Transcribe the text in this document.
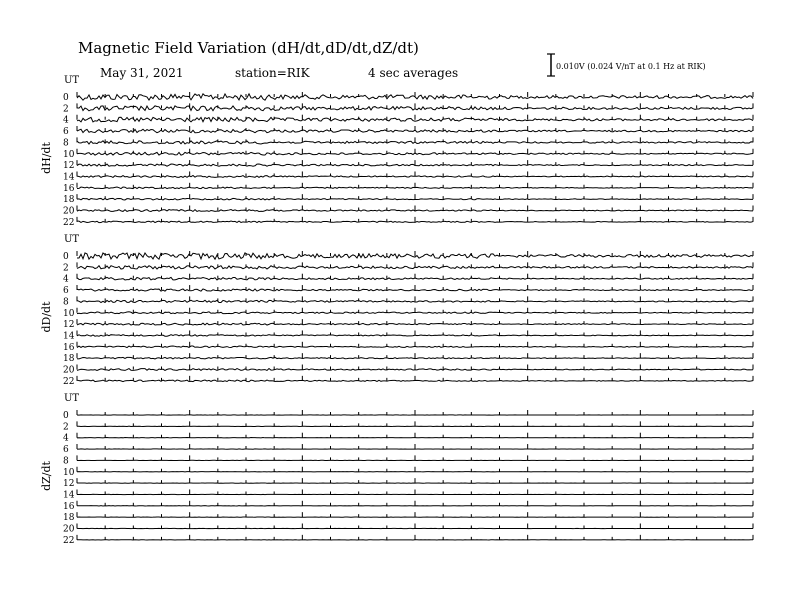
Magnetic Field Variation (dH/dt,dD/dt,dZ/dt)
May 31, 2021	station=RIK	4 sec averages	0.010V (0.024 V/nT at 0.1 Hz at RIK)
UT
dH/dt
0
2
4
6
8
10
12
14
16
18
20
22
UT
dD/dt
0
2
4
6
8
10
12
14
16
18
20
22
UT
dZ/dt
0
2
4
6
8
10
12
14
16
18
20
22
